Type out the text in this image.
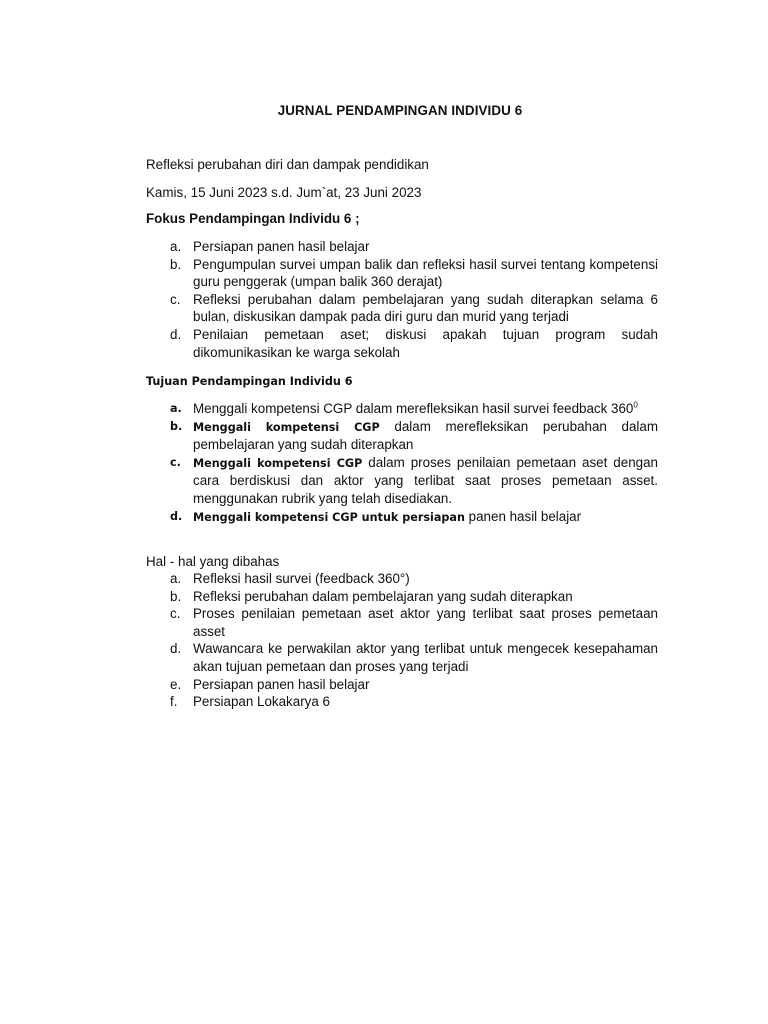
JURNAL PENDAMPINGAN INDIVIDU 6
Refleksi perubahan diri dan dampak pendidikan
Kamis, 15 Juni 2023 s.d. Jum`at, 23 Juni 2023
Fokus Pendampingan Individu 6 ;
a. Persiapan panen hasil belajar
b. Pengumpulan survei umpan balik dan refleksi hasil survei tentang kompetensi guru penggerak (umpan balik 360 derajat)
c. Refleksi perubahan dalam pembelajaran yang sudah diterapkan selama 6 bulan, diskusikan dampak pada diri guru dan murid yang terjadi
d. Penilaian pemetaan aset; diskusi apakah tujuan program sudah dikomunikasikan ke warga sekolah
Tujuan Pendampingan Individu 6
a. Menggali kompetensi CGP dalam merefleksikan hasil survei feedback $360^0$
b. Menggali kompetensi CGP dalam merefleksikan perubahan dalam pembelajaran yang sudah diterapkan
c. Menggali kompetensi CGP dalam proses penilaian pemetaan aset dengan cara berdiskusi dan aktor yang terlibat saat proses pemetaan asset. menggunakan rubrik yang telah disediakan.
d. Menggali kompetensi CGP untuk persiapan panen hasil belajar
Hal - hal yang dibahas
a. Refleksi hasil survei (feedback 360°)
b. Refleksi perubahan dalam pembelajaran yang sudah diterapkan
c. Proses penilaian pemetaan aset aktor yang terlibat saat proses pemetaan asset
d. Wawancara ke perwakilan aktor yang terlibat untuk mengecek kesepahaman akan tujuan pemetaan dan proses yang terjadi
e. Persiapan panen hasil belajar
f. Persiapan Lokakarya 6
